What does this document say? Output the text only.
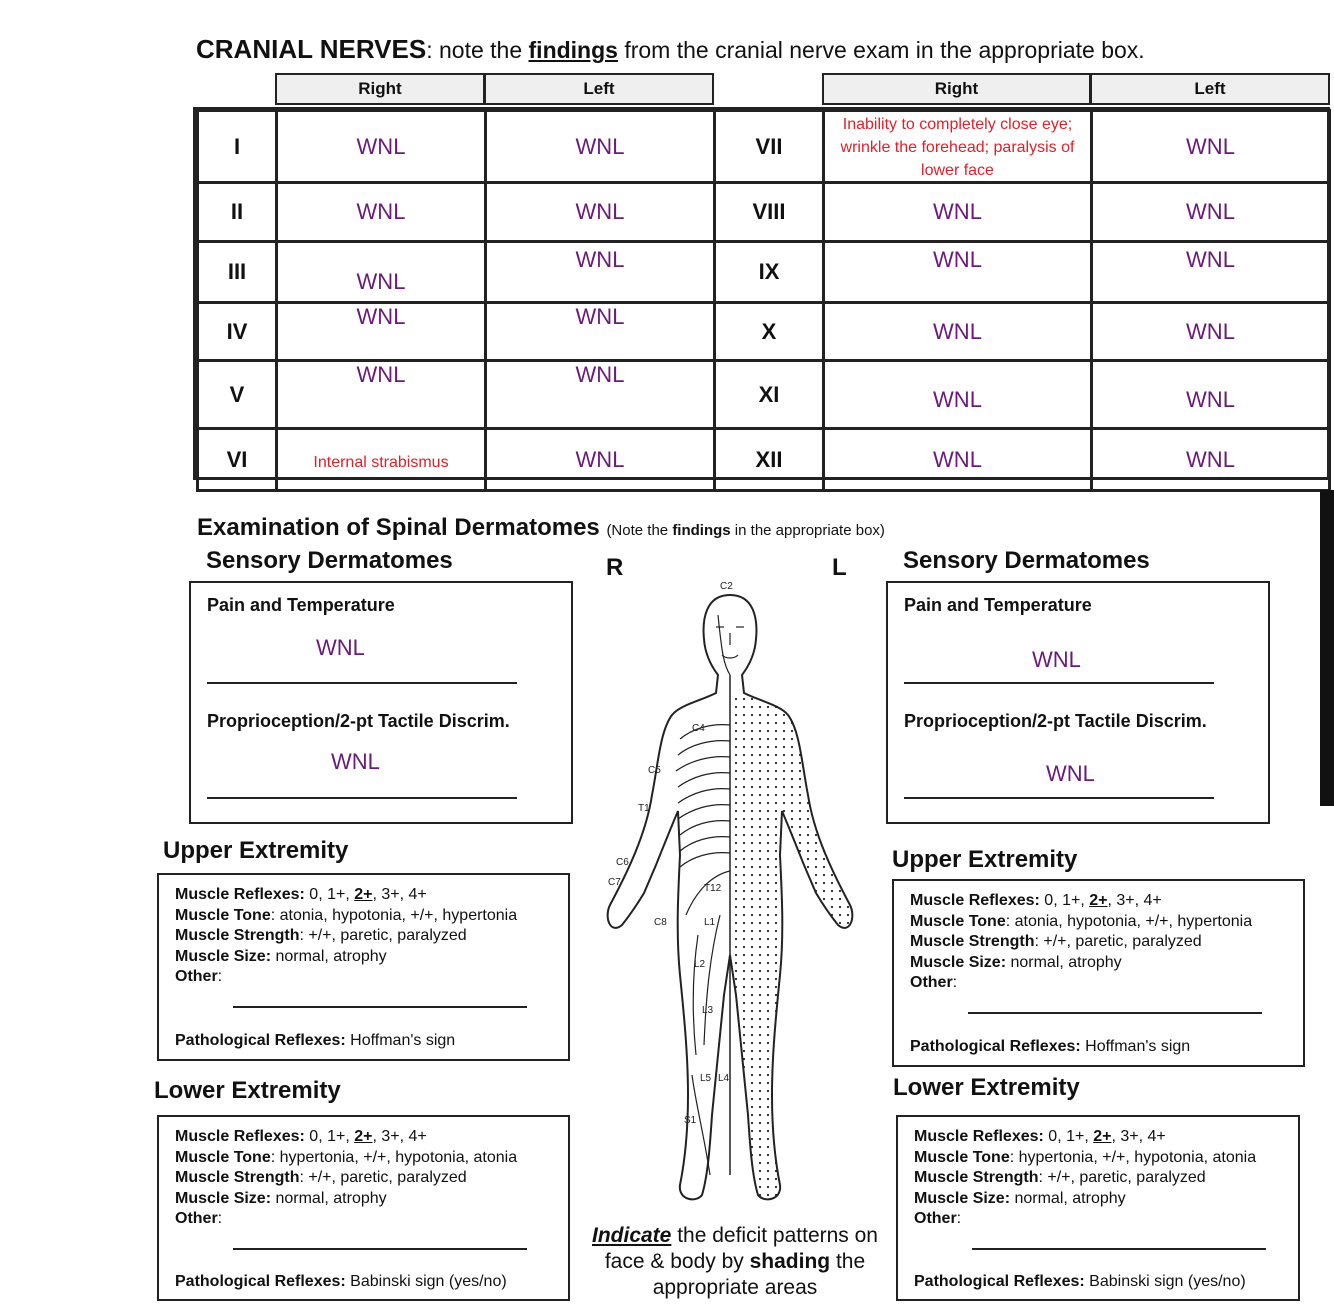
CRANIAL NERVES: note the findings from the cranial nerve exam in the appropriate box.
Right	Left	Right	Left
I	WNL	WNL	VII	Inability to completely close eye; wrinkle the forehead; paralysis of lower face	WNL
II	WNL	WNL	VIII	WNL	WNL
III	WNL	WNL	IX	WNL	WNL
IV	WNL	WNL	X	WNL	WNL
V	WNL	WNL	XI	WNL	WNL
VI	Internal strabismus	WNL	XII	WNL	WNL
Examination of Spinal Dermatomes (Note the findings in the appropriate box)
Sensory Dermatomes	Sensory Dermatomes
R	L
Pain and Temperature
WNL
Proprioception/2-pt Tactile Discrim.
WNL
Pain and Temperature
WNL
Proprioception/2-pt Tactile Discrim.
WNL
Upper Extremity
Muscle Reflexes: 0, 1+, 2+, 3+, 4+
Muscle Tone: atonia, hypotonia, +/+, hypertonia
Muscle Strength: +/+, paretic, paralyzed
Muscle Size: normal, atrophy
Other:
Pathological Reflexes: Hoffman's sign
Upper Extremity
Muscle Reflexes: 0, 1+, 2+, 3+, 4+
Muscle Tone: atonia, hypotonia, +/+, hypertonia
Muscle Strength: +/+, paretic, paralyzed
Muscle Size: normal, atrophy
Other:
Pathological Reflexes: Hoffman's sign
Lower Extremity
Muscle Reflexes: 0, 1+, 2+, 3+, 4+
Muscle Tone: hypertonia, +/+, hypotonia, atonia
Muscle Strength: +/+, paretic, paralyzed
Muscle Size: normal, atrophy
Other:
Pathological Reflexes: Babinski sign (yes/no)
Lower Extremity
Muscle Reflexes: 0, 1+, 2+, 3+, 4+
Muscle Tone: hypertonia, +/+, hypotonia, atonia
Muscle Strength: +/+, paretic, paralyzed
Muscle Size: normal, atrophy
Other:
Pathological Reflexes: Babinski sign (yes/no)
C2
C4
C5
T1
C6
C7
C8
T12
L1
L2
L3
L5 L4
S1
Indicate the deficit patterns on face & body by shading the appropriate areas
